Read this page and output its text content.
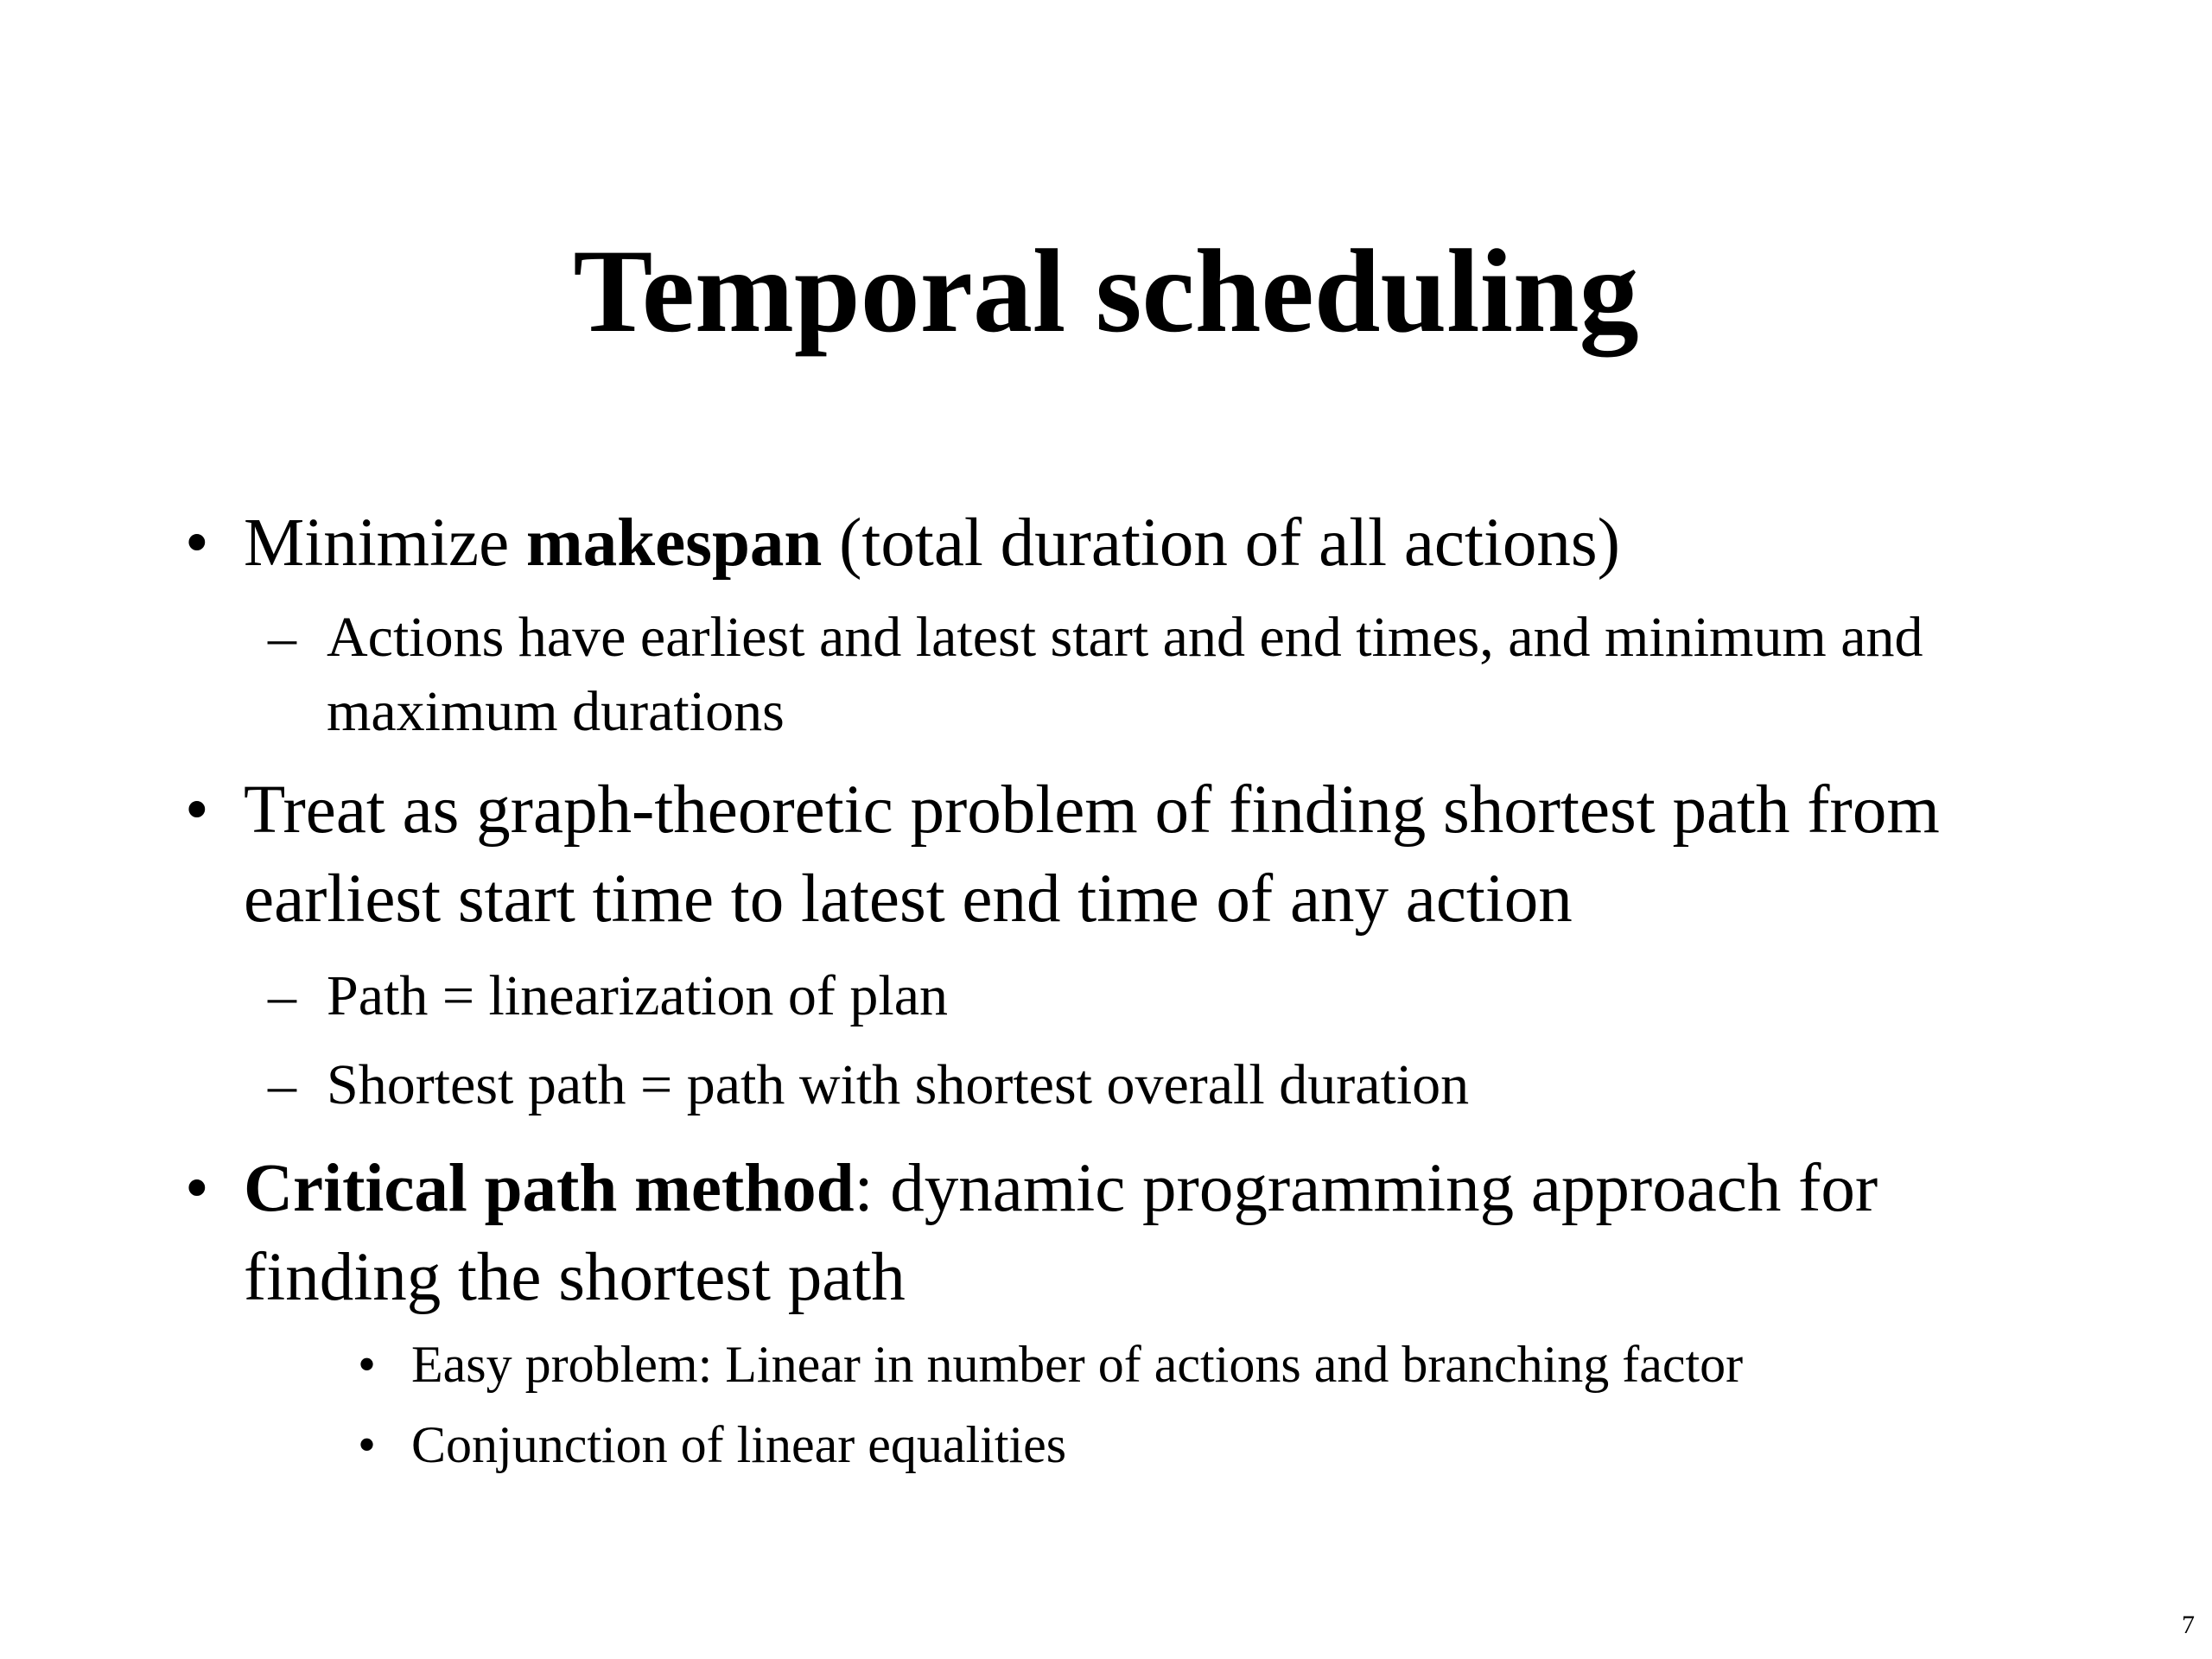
Temporal scheduling

• Minimize makespan (total duration of all actions)

– Actions have earliest and latest start and end times, and minimum and maximum durations

• Treat as graph-theoretic problem of finding shortest path from earliest start time to latest end time of any action

– Path = linearization of plan

– Shortest path = path with shortest overall duration

• Critical path method: dynamic programming approach for finding the shortest path

• Easy problem: Linear in number of actions and branching factor

• Conjunction of linear equalities

7
